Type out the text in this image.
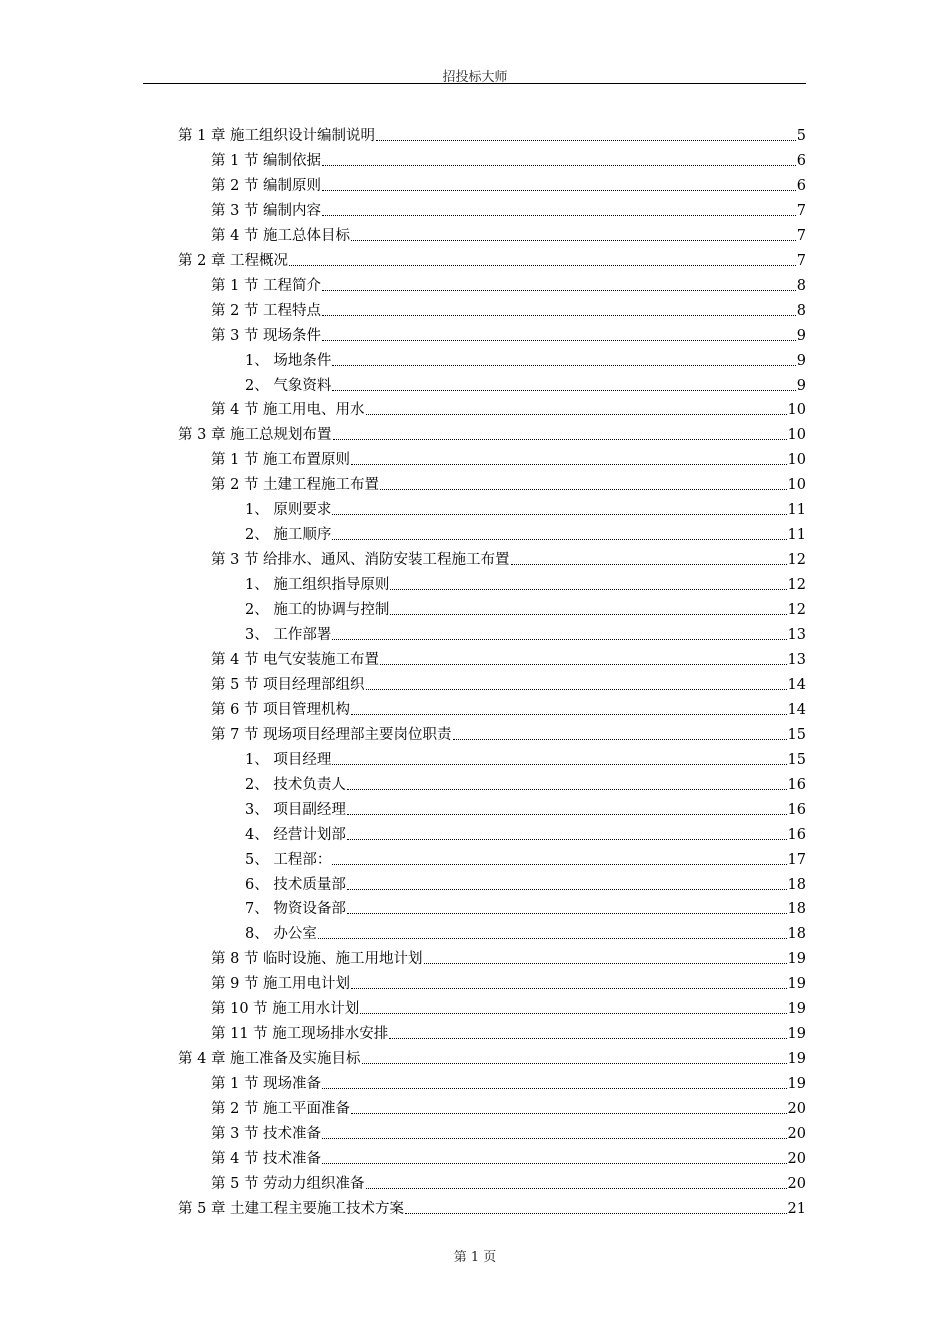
招投标大师
第 1 章 施工组织设计编制说明	5
第 1 节 编制依据	6
第 2 节 编制原则	6
第 3 节 编制内容	7
第 4 节 施工总体目标	7
第 2 章 工程概况	7
第 1 节 工程简介	8
第 2 节 工程特点	8
第 3 节 现场条件	9
1、 场地条件	9
2、 气象资料	9
第 4 节 施工用电、用水	10
第 3 章 施工总规划布置	10
第 1 节 施工布置原则	10
第 2 节 土建工程施工布置	10
1、 原则要求	11
2、 施工顺序	11
第 3 节 给排水、通风、消防安装工程施工布置	12
1、 施工组织指导原则	12
2、 施工的协调与控制	12
3、 工作部署	13
第 4 节 电气安装施工布置	13
第 5 节 项目经理部组织	14
第 6 节 项目管理机构	14
第 7 节 现场项目经理部主要岗位职责	15
1、 项目经理	15
2、 技术负责人	16
3、 项目副经理	16
4、 经营计划部	16
5、 工程部：	17
6、 技术质量部	18
7、 物资设备部	18
8、 办公室	18
第 8 节 临时设施、施工用地计划	19
第 9 节 施工用电计划	19
第 10 节 施工用水计划	19
第 11 节 施工现场排水安排	19
第 4 章 施工准备及实施目标	19
第 1 节 现场准备	19
第 2 节 施工平面准备	20
第 3 节 技术准备	20
第 4 节 技术准备	20
第 5 节 劳动力组织准备	20
第 5 章 土建工程主要施工技术方案	21
第 1 页
